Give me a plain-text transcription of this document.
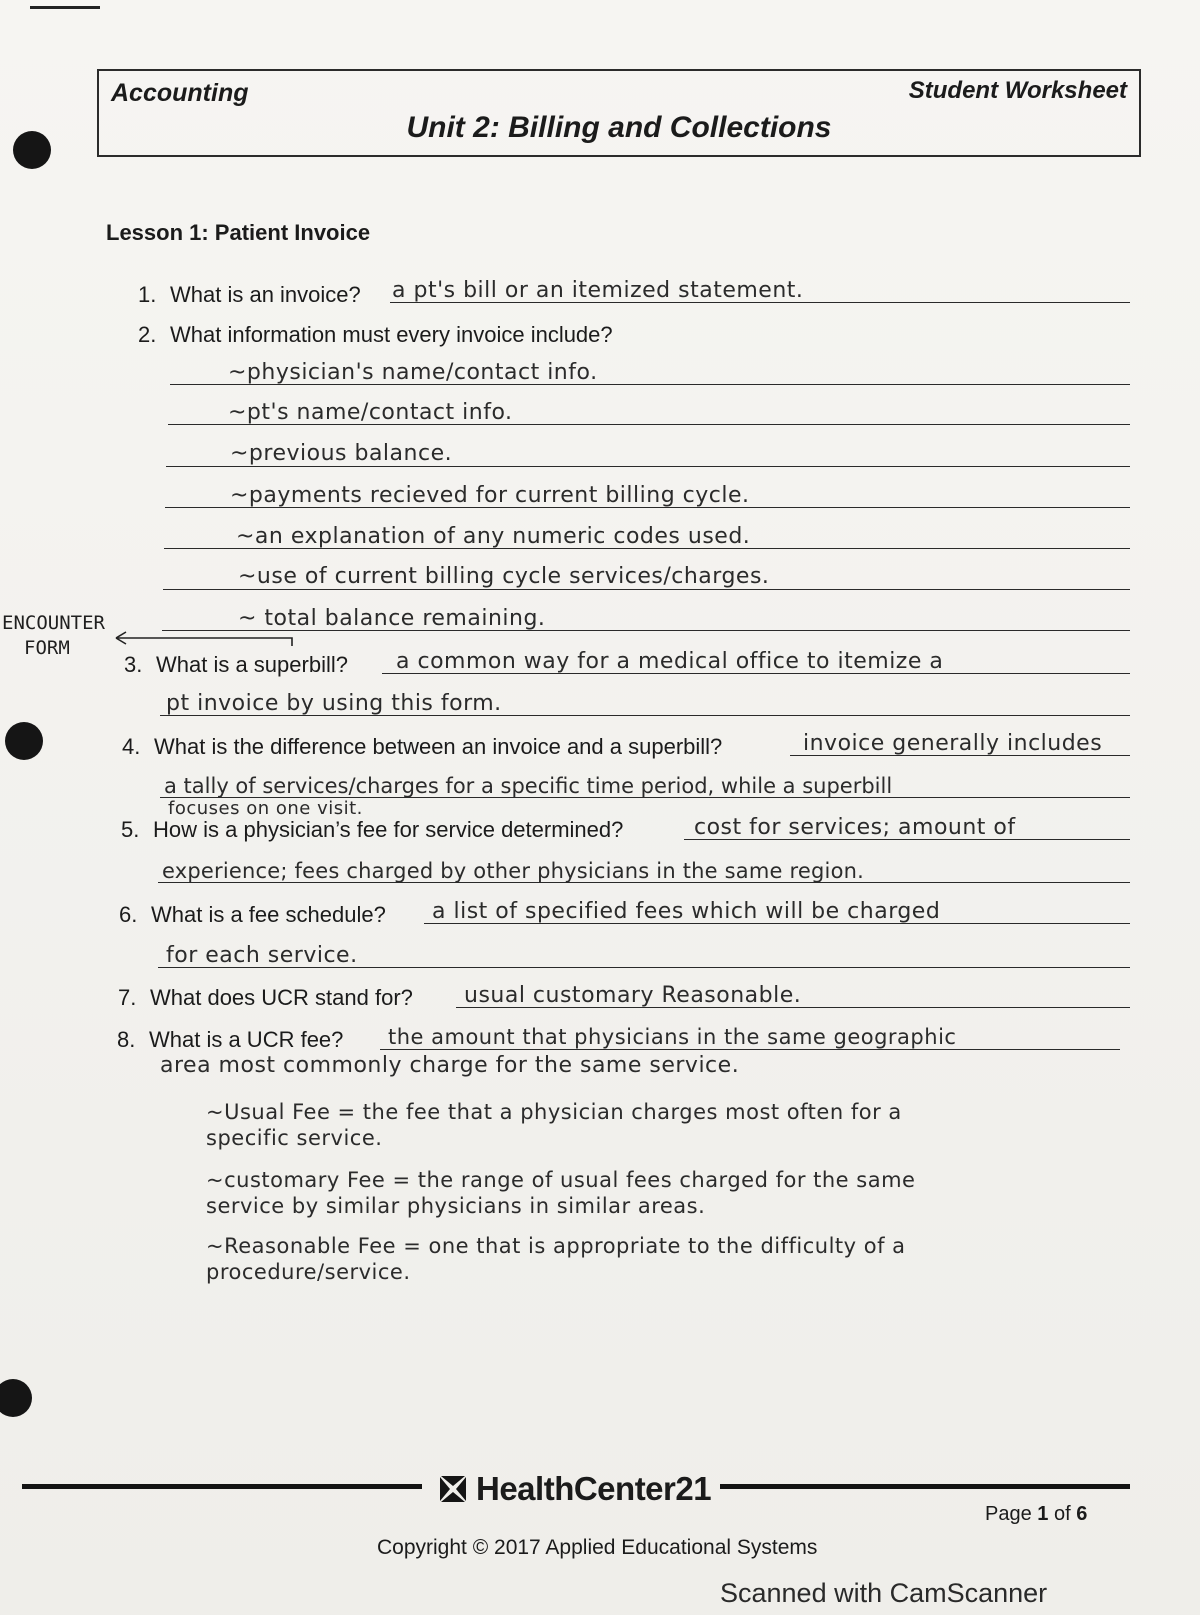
Accounting	Student Worksheet
Unit 2: Billing and Collections
Lesson 1: Patient Invoice
1. What is an invoice? a pt's bill or an itemized statement.
2. What information must every invoice include?
~physician's name/contact info.
~pt's name/contact info.
~previous balance.
~payments recieved for current billing cycle.
~an explanation of any numeric codes used.
~use of current billing cycle services/charges.
~ total balance remaining.
ENCOUNTER
FORM
3. What is a superbill? a common way for a medical office to itemize a
pt invoice by using this form.
4. What is the difference between an invoice and a superbill?	invoice generally includes
a tally of services/charges for a specific time period, while a superbill
focuses on one visit.
5. How is a physician’s fee for service determined?	cost for services; amount of
experience; fees charged by other physicians in the same region.
6. What is a fee schedule? a list of specified fees which will be charged
for each service.
7. What does UCR stand for? usual customary Reasonable.
8. What is a UCR fee? the amount that physicians in the same geographic
area most commonly charge for the same service.
~Usual Fee = the fee that a physician charges most often for a
specific service.
~customary Fee = the range of usual fees charged for the same
service by similar physicians in similar areas.
~Reasonable Fee = one that is appropriate to the difficulty of a
procedure/service.
HealthCenter21
Page 1 of 6
Copyright © 2017 Applied Educational Systems
Scanned with CamScanner
